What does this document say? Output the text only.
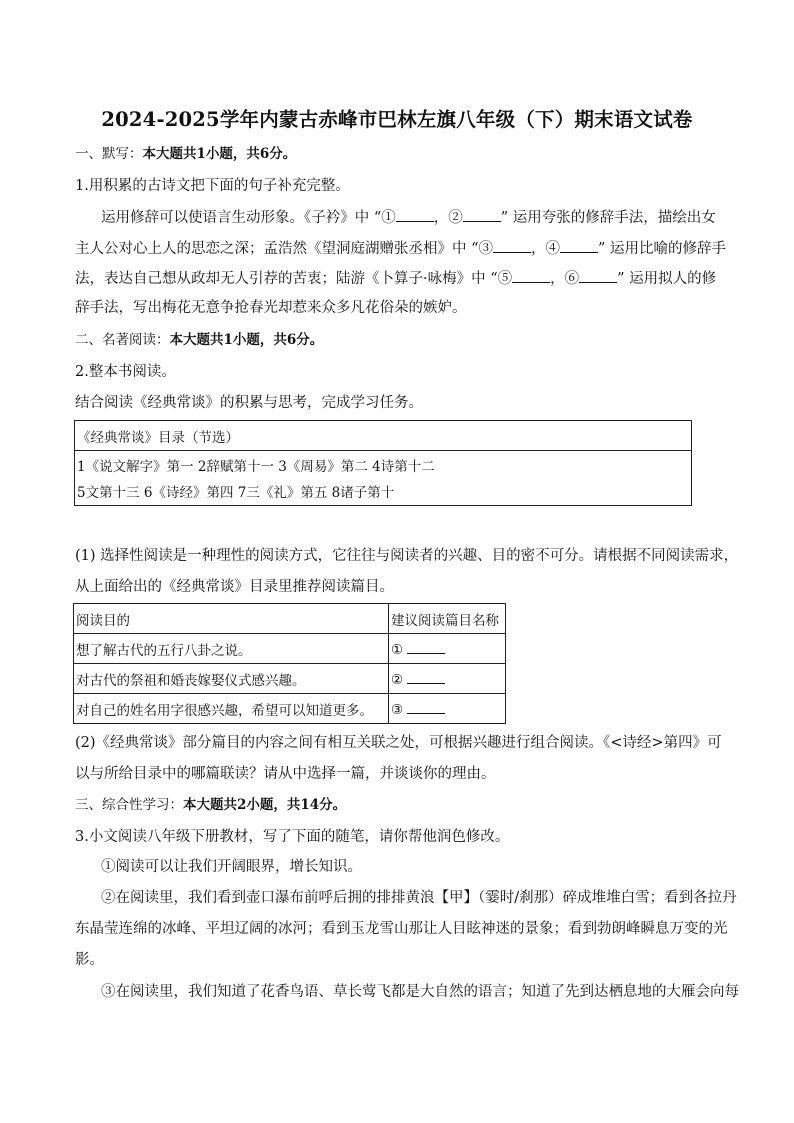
2024-2025学年内蒙古赤峰市巴林左旗八年级（下）期末语文试卷
一、默写：本大题共1小题，共6分。
1.用积累的古诗文把下面的句子补充完整。
运用修辞可以使语言生动形象。《子衿》中 “①	，②	” 运用夸张的修辞手法，描绘出女
主人公对心上人的思恋之深；孟浩然《望洞庭湖赠张丞相》中 “③	，④	” 运用比喻的修辞手
法，表达自己想从政却无人引荐的苦衷；陆游《卜算子·咏梅》中 “⑤	，⑥	” 运用拟人的修
辞手法，写出梅花无意争抢春光却惹来众多凡花俗朵的嫉妒。
二、名著阅读：本大题共1小题，共6分。
2.整本书阅读。
结合阅读《经典常谈》的积累与思考，完成学习任务。
《经典常谈》目录（节选）
1《说文解字》第一 2辞赋第十一 3《周易》第二 4诗第十二
5文第十三 6《诗经》第四 7三《礼》第五 8诸子第十
(1) 选择性阅读是一种理性的阅读方式，它往往与阅读者的兴趣、目的密不可分。请根据不同阅读需求，
从上面给出的《经典常谈》目录里推荐阅读篇目。
阅读目的	建议阅读篇目名称
想了解古代的五行八卦之说。	①
对古代的祭祖和婚丧嫁娶仪式感兴趣。	②
对自己的姓名用字很感兴趣，希望可以知道更多。	③
(2)《经典常谈》部分篇目的内容之间有相互关联之处，可根据兴趣进行组合阅读。《<诗经>第四》可
以与所给目录中的哪篇联读？请从中选择一篇，并谈谈你的理由。
三、综合性学习：本大题共2小题，共14分。
3.小文阅读八年级下册教材，写了下面的随笔，请你帮他润色修改。
①阅读可以让我们开阔眼界，增长知识。
②在阅读里，我们看到壶口瀑布前呼后拥的排排黄浪【甲】（霎时/刹那）碎成堆堆白雪；看到各拉丹
东晶莹连绵的冰峰、平坦辽阔的冰河；看到玉龙雪山那让人目眩神迷的景象；看到勃朗峰瞬息万变的光
影。
③在阅读里，我们知道了花香鸟语、草长莺飞都是大自然的语言；知道了先到达栖息地的大雁会向每
